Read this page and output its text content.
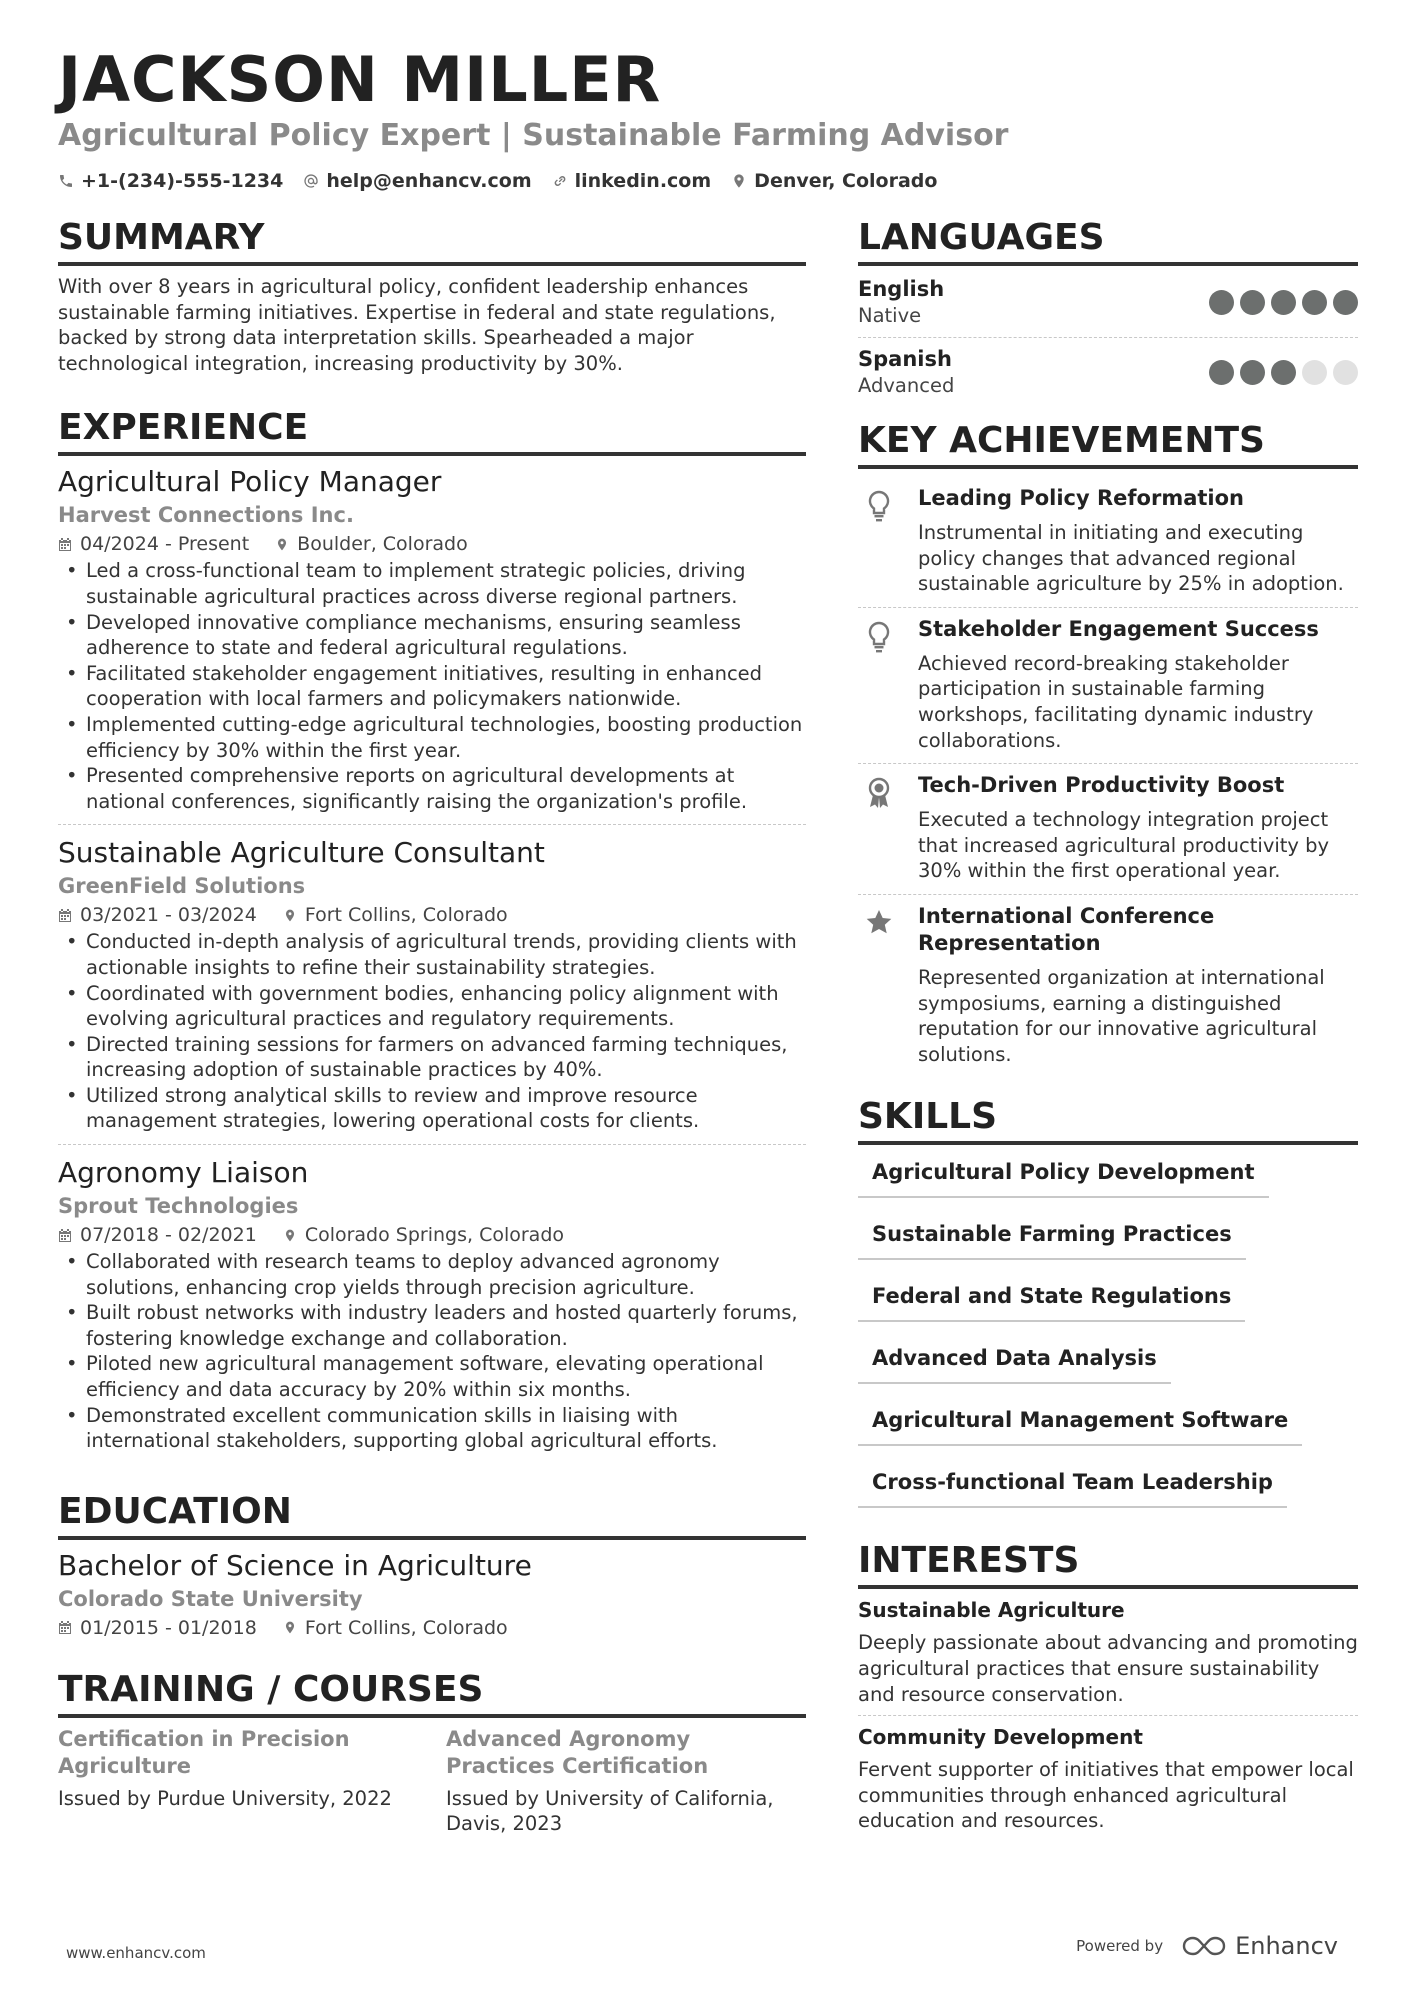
JACKSON MILLER
Agricultural Policy Expert | Sustainable Farming Advisor
+1-(234)-555-1234 help@enhancv.com linkedin.com Denver, Colorado
SUMMARY
With over 8 years in agricultural policy, confident leadership enhances sustainable farming initiatives. Expertise in federal and state regulations, backed by strong data interpretation skills. Spearheaded a major technological integration, increasing productivity by 30%.
EXPERIENCE
Agricultural Policy Manager
Harvest Connections Inc.
04/2024 - Present	Boulder, Colorado
• Led a cross-functional team to implement strategic policies, driving sustainable agricultural practices across diverse regional partners.
• Developed innovative compliance mechanisms, ensuring seamless adherence to state and federal agricultural regulations.
• Facilitated stakeholder engagement initiatives, resulting in enhanced cooperation with local farmers and policymakers nationwide.
• Implemented cutting-edge agricultural technologies, boosting production efficiency by 30% within the first year.
• Presented comprehensive reports on agricultural developments at national conferences, significantly raising the organization's profile.
Sustainable Agriculture Consultant
GreenField Solutions
03/2021 - 03/2024	Fort Collins, Colorado
• Conducted in-depth analysis of agricultural trends, providing clients with actionable insights to refine their sustainability strategies.
• Coordinated with government bodies, enhancing policy alignment with evolving agricultural practices and regulatory requirements.
• Directed training sessions for farmers on advanced farming techniques, increasing adoption of sustainable practices by 40%.
• Utilized strong analytical skills to review and improve resource management strategies, lowering operational costs for clients.
Agronomy Liaison
Sprout Technologies
07/2018 - 02/2021	Colorado Springs, Colorado
• Collaborated with research teams to deploy advanced agronomy solutions, enhancing crop yields through precision agriculture.
• Built robust networks with industry leaders and hosted quarterly forums, fostering knowledge exchange and collaboration.
• Piloted new agricultural management software, elevating operational efficiency and data accuracy by 20% within six months.
• Demonstrated excellent communication skills in liaising with international stakeholders, supporting global agricultural efforts.
EDUCATION
Bachelor of Science in Agriculture
Colorado State University
01/2015 - 01/2018	Fort Collins, Colorado
TRAINING / COURSES
Certification in Precision Agriculture
Issued by Purdue University, 2022
Advanced Agronomy Practices Certification
Issued by University of California, Davis, 2023
LANGUAGES
English
Native
Spanish
Advanced
KEY ACHIEVEMENTS
Leading Policy Reformation
Instrumental in initiating and executing policy changes that advanced regional sustainable agriculture by 25% in adoption.
Stakeholder Engagement Success
Achieved record-breaking stakeholder participation in sustainable farming workshops, facilitating dynamic industry collaborations.
Tech-Driven Productivity Boost
Executed a technology integration project that increased agricultural productivity by 30% within the first operational year.
International Conference Representation
Represented organization at international symposiums, earning a distinguished reputation for our innovative agricultural solutions.
SKILLS
Agricultural Policy Development
Sustainable Farming Practices
Federal and State Regulations
Advanced Data Analysis
Agricultural Management Software
Cross-functional Team Leadership
INTERESTS
Sustainable Agriculture
Deeply passionate about advancing and promoting agricultural practices that ensure sustainability and resource conservation.
Community Development
Fervent supporter of initiatives that empower local communities through enhanced agricultural education and resources.
www.enhancv.com	Powered by	Enhancv
